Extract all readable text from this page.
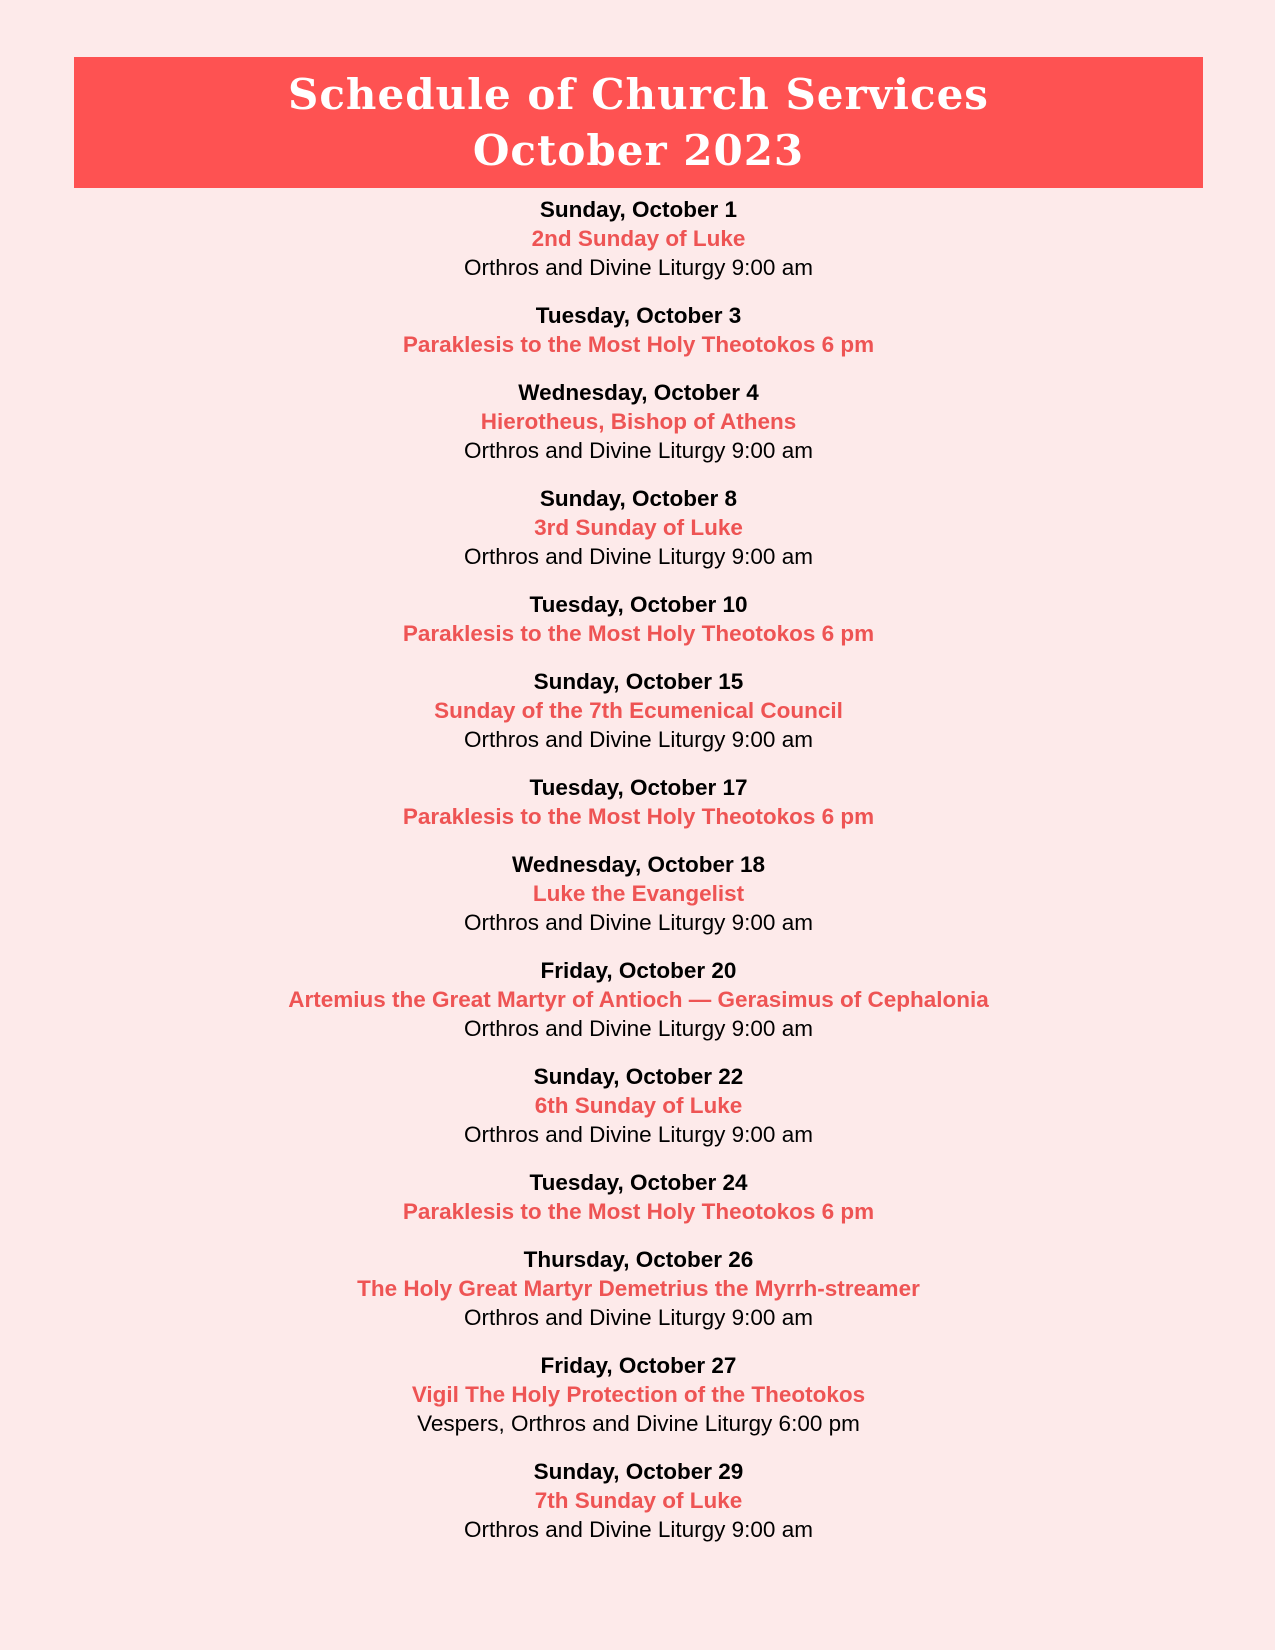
Schedule of Church Services
October 2023
Sunday, October 1
2nd Sunday of Luke
Orthros and Divine Liturgy 9:00 am
Tuesday, October 3
Paraklesis to the Most Holy Theotokos 6 pm
Wednesday, October 4
Hierotheus, Bishop of Athens
Orthros and Divine Liturgy 9:00 am
Sunday, October 8
3rd Sunday of Luke
Orthros and Divine Liturgy 9:00 am
Tuesday, October 10
Paraklesis to the Most Holy Theotokos 6 pm
Sunday, October 15
Sunday of the 7th Ecumenical Council
Orthros and Divine Liturgy 9:00 am
Tuesday, October 17
Paraklesis to the Most Holy Theotokos 6 pm
Wednesday, October 18
Luke the Evangelist
Orthros and Divine Liturgy 9:00 am
Friday, October 20
Artemius the Great Martyr of Antioch — Gerasimus of Cephalonia
Orthros and Divine Liturgy 9:00 am
Sunday, October 22
6th Sunday of Luke
Orthros and Divine Liturgy 9:00 am
Tuesday, October 24
Paraklesis to the Most Holy Theotokos 6 pm
Thursday, October 26
The Holy Great Martyr Demetrius the Myrrh-streamer
Orthros and Divine Liturgy 9:00 am
Friday, October 27
Vigil The Holy Protection of the Theotokos
Vespers, Orthros and Divine Liturgy 6:00 pm
Sunday, October 29
7th Sunday of Luke
Orthros and Divine Liturgy 9:00 am
